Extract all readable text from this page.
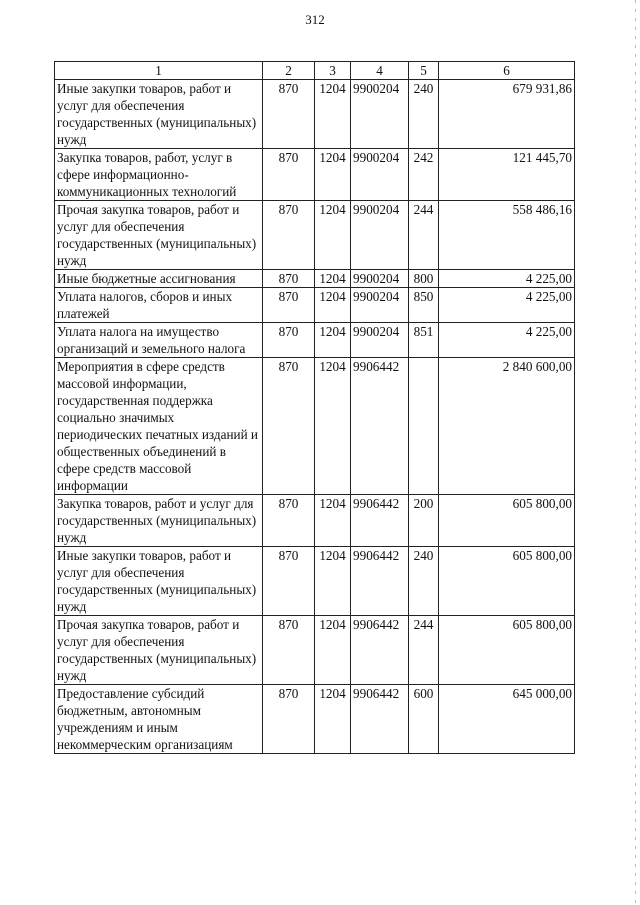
312
1	2	3	4	5	6
Иные закупки товаров, работ и услуг для обеспечения государственных (муниципальных) нужд	870	1204	9900204	240	679 931,86
Закупка товаров, работ, услуг в сфере информационно-коммуникационных технологий	870	1204	9900204	242	121 445,70
Прочая закупка товаров, работ и услуг для обеспечения государственных (муниципальных) нужд	870	1204	9900204	244	558 486,16
Иные бюджетные ассигнования	870	1204	9900204	800	4 225,00
Уплата налогов, сборов и иных платежей	870	1204	9900204	850	4 225,00
Уплата налога на имущество организаций и земельного налога	870	1204	9900204	851	4 225,00
Мероприятия в сфере средств массовой информации, государственная поддержка социально значимых периодических печатных изданий и общественных объединений в сфере средств массовой информации	870	1204	9906442		2 840 600,00
Закупка товаров, работ и услуг для государственных (муниципальных) нужд	870	1204	9906442	200	605 800,00
Иные закупки товаров, работ и услуг для обеспечения государственных (муниципальных) нужд	870	1204	9906442	240	605 800,00
Прочая закупка товаров, работ и услуг для обеспечения государственных (муниципальных) нужд	870	1204	9906442	244	605 800,00
Предоставление субсидий бюджетным, автономным учреждениям и иным некоммерческим организациям	870	1204	9906442	600	645 000,00
